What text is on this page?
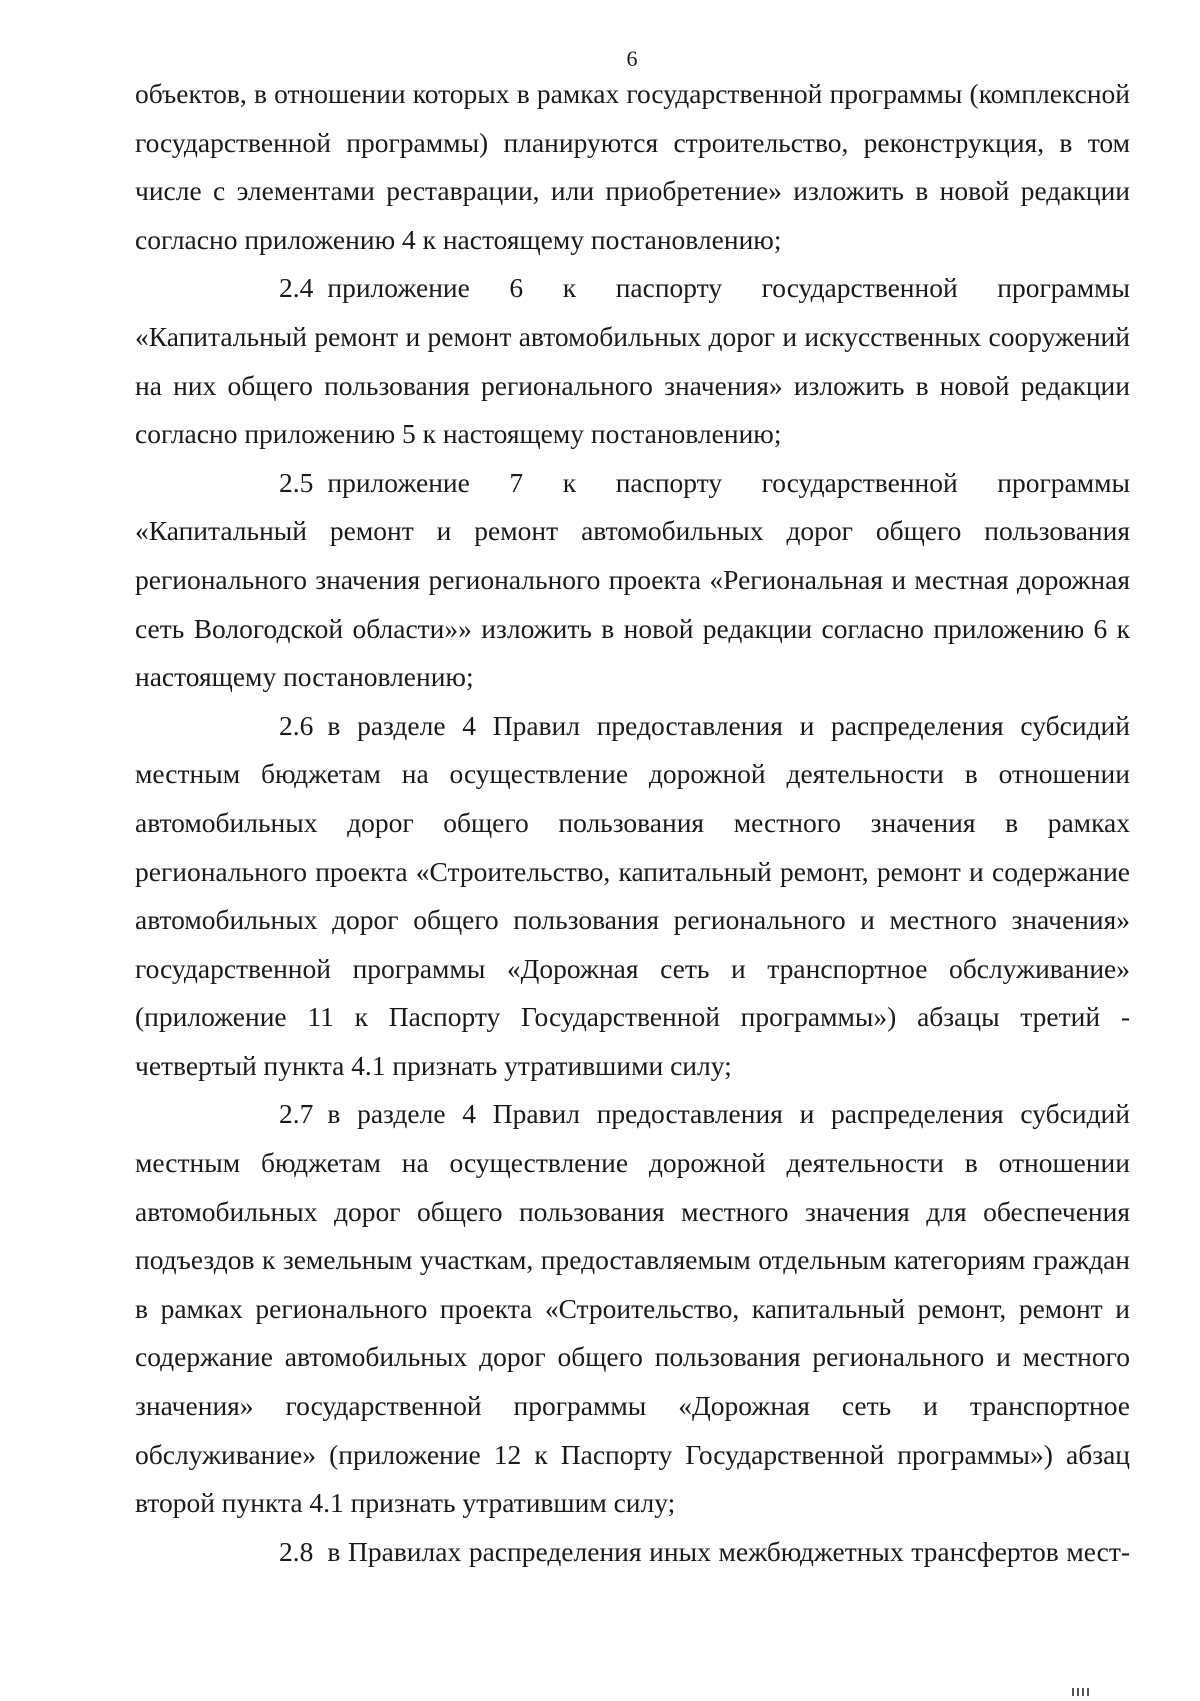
6

объектов, в отношении которых в рамках государственной программы (комплексной государственной программы) планируются строительство, реконструкция, в том числе с элементами реставрации, или приобретение» изложить в новой редакции согласно приложению 4 к настоящему постановлению;

2.4 приложение 6 к паспорту государственной программы «Капитальный ремонт и ремонт автомобильных дорог и искусственных сооружений на них общего пользования регионального значения» изложить в новой редакции согласно приложению 5 к настоящему постановлению;

2.5 приложение 7 к паспорту государственной программы «Капитальный ремонт и ремонт автомобильных дорог общего пользования регионального значения регионального проекта «Региональная и местная дорожная сеть Вологодской области»» изложить в новой редакции согласно приложению 6 к настоящему постановлению;

2.6 в разделе 4 Правил предоставления и распределения субсидий местным бюджетам на осуществление дорожной деятельности в отношении автомобильных дорог общего пользования местного значения в рамках регионального проекта «Строительство, капитальный ремонт, ремонт и содержание автомобильных дорог общего пользования регионального и местного значения» государственной программы «Дорожная сеть и транспортное обслуживание» (приложение 11 к Паспорту Государственной программы») абзацы третий - четвертый пункта 4.1 признать утратившими силу;

2.7 в разделе 4 Правил предоставления и распределения субсидий местным бюджетам на осуществление дорожной деятельности в отношении автомобильных дорог общего пользования местного значения для обеспечения подъездов к земельным участкам, предоставляемым отдельным категориям граждан в рамках регионального проекта «Строительство, капитальный ремонт, ремонт и содержание автомобильных дорог общего пользования регионального и местного значения» государственной программы «Дорожная сеть и транспортное обслуживание» (приложение 12 к Паспорту Государственной программы») абзац второй пункта 4.1 признать утратившим силу;

2.8 в Правилах распределения иных межбюджетных трансфертов мест-
